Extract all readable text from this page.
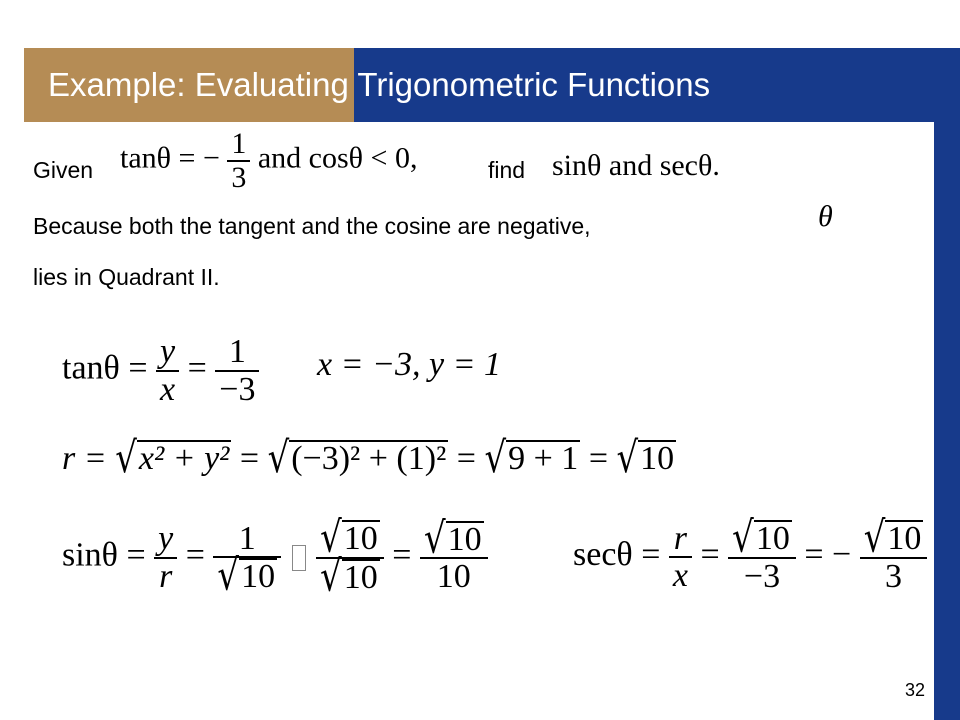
Example: Evaluating Trigonometric Functions
Given tanθ = − $\frac{1}{3}$ and cosθ < 0,	find sinθ and secθ.
Because both the tangent and the cosine are negative,	θ
lies in Quadrant II.
$\tan\theta = \frac{y}{x} = \frac{1}{-3}$ x = −3, y = 1
r = √x² + y² = √(−3)² + (1)² = √9 + 1 = √10
$\sin\theta = \frac{y}{r} = \frac{1}{√10}$
$\frac{√10}{√10} = \frac{√10}{10}$	$\sec\theta = \frac{r}{x} = \frac{√10}{-3}$ = − $\frac{√10}{3}$
32
